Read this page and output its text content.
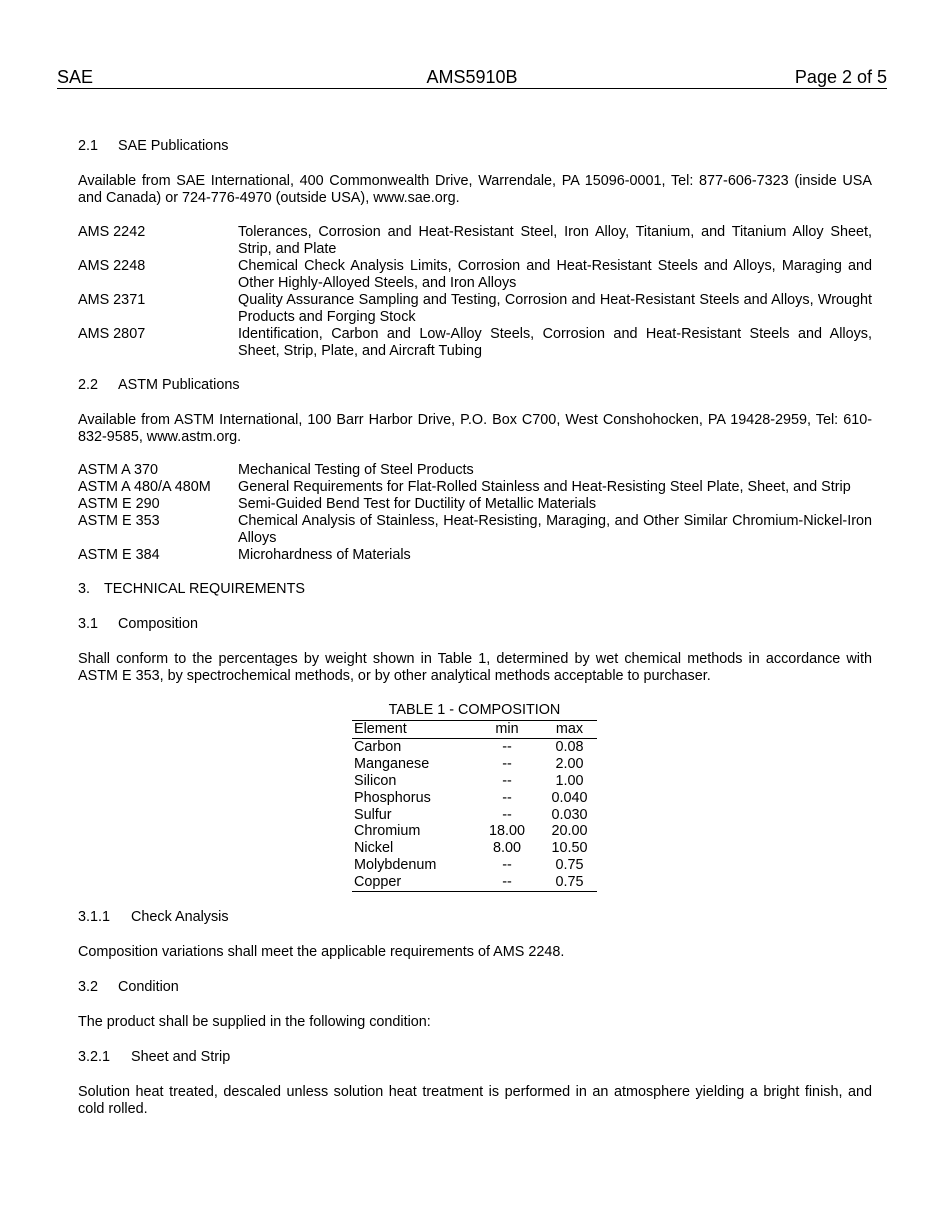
SAE	AMS5910B	Page 2 of 5
2.1 SAE Publications

Available from SAE International, 400 Commonwealth Drive, Warrendale, PA 15096-0001, Tel: 877-606-7323 (inside USA and Canada) or 724-776-4970 (outside USA), www.sae.org.

AMS 2242	Tolerances, Corrosion and Heat-Resistant Steel, Iron Alloy, Titanium, and Titanium Alloy Sheet, Strip, and Plate
AMS 2248	Chemical Check Analysis Limits, Corrosion and Heat-Resistant Steels and Alloys, Maraging and Other Highly-Alloyed Steels, and Iron Alloys
AMS 2371	Quality Assurance Sampling and Testing, Corrosion and Heat-Resistant Steels and Alloys, Wrought Products and Forging Stock
AMS 2807	Identification, Carbon and Low-Alloy Steels, Corrosion and Heat-Resistant Steels and Alloys, Sheet, Strip, Plate, and Aircraft Tubing
2.2 ASTM Publications

Available from ASTM International, 100 Barr Harbor Drive, P.O. Box C700, West Conshohocken, PA 19428-2959, Tel: 610-832-9585, www.astm.org.

ASTM A 370	Mechanical Testing of Steel Products
ASTM A 480/A 480M	General Requirements for Flat-Rolled Stainless and Heat-Resisting Steel Plate, Sheet, and Strip
ASTM E 290	Semi-Guided Bend Test for Ductility of Metallic Materials
ASTM E 353	Chemical Analysis of Stainless, Heat-Resisting, Maraging, and Other Similar Chromium-Nickel-Iron Alloys
ASTM E 384	Microhardness of Materials
3. TECHNICAL REQUIREMENTS
3.1 Composition

Shall conform to the percentages by weight shown in Table 1, determined by wet chemical methods in accordance with ASTM E 353, by spectrochemical methods, or by other analytical methods acceptable to purchaser.

TABLE 1 - COMPOSITION
Element	min	max
Carbon	--	0.08
Manganese	--	2.00
Silicon	--	1.00
Phosphorus	--	0.040
Sulfur	--	0.030
Chromium	18.00	20.00
Nickel	8.00	10.50
Molybdenum	--	0.75
Copper	--	0.75
3.1.1 Check Analysis

Composition variations shall meet the applicable requirements of AMS 2248.

3.2 Condition

The product shall be supplied in the following condition:

3.2.1 Sheet and Strip

Solution heat treated, descaled unless solution heat treatment is performed in an atmosphere yielding a bright finish, and cold rolled.
